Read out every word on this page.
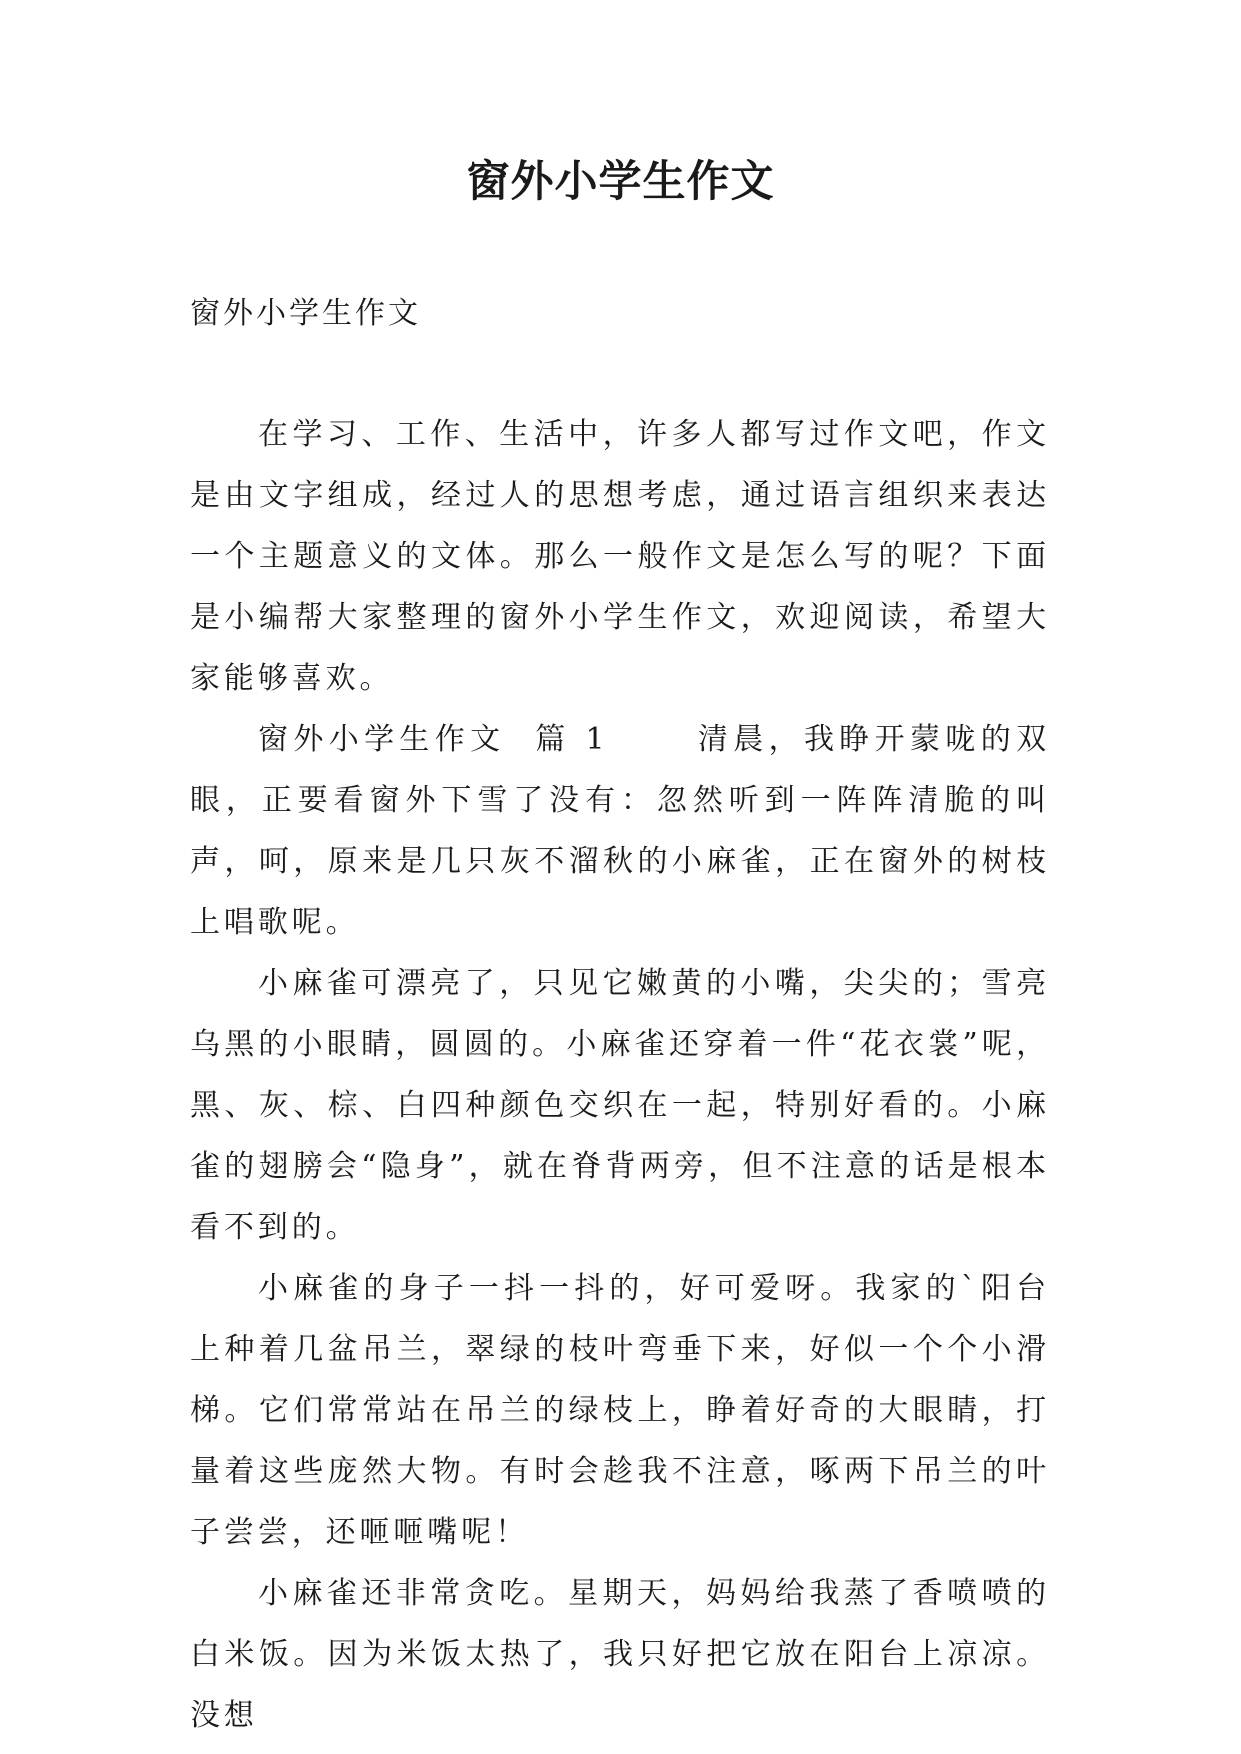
窗外小学生作文

窗外小学生作文

在学习、工作、生活中，许多人都写过作文吧，作文是由文字组成，经过人的思想考虑，通过语言组织来表达一个主题意义的文体。那么一般作文是怎么写的呢？下面是小编帮大家整理的窗外小学生作文，欢迎阅读，希望大家能够喜欢。

窗外小学生作文  篇 1      清晨，我睁开蒙咙的双眼，正要看窗外下雪了没有：忽然听到一阵阵清脆的叫声，呵，原来是几只灰不溜秋的小麻雀，正在窗外的树枝上唱歌呢。

小麻雀可漂亮了，只见它嫩黄的小嘴，尖尖的；雪亮乌黑的小眼睛，圆圆的。小麻雀还穿着一件“花衣裳”呢，黑、灰、棕、白四种颜色交织在一起，特别好看的。小麻雀的翅膀会“隐身”，就在脊背两旁，但不注意的话是根本看不到的。

小麻雀的身子一抖一抖的，好可爱呀。我家的`阳台上种着几盆吊兰，翠绿的枝叶弯垂下来，好似一个个小滑梯。它们常常站在吊兰的绿枝上，睁着好奇的大眼睛，打量着这些庞然大物。有时会趁我不注意，啄两下吊兰的叶子尝尝，还咂咂嘴呢！

小麻雀还非常贪吃。星期天，妈妈给我蒸了香喷喷的白米饭。因为米饭太热了，我只好把它放在阳台上凉凉。没想
